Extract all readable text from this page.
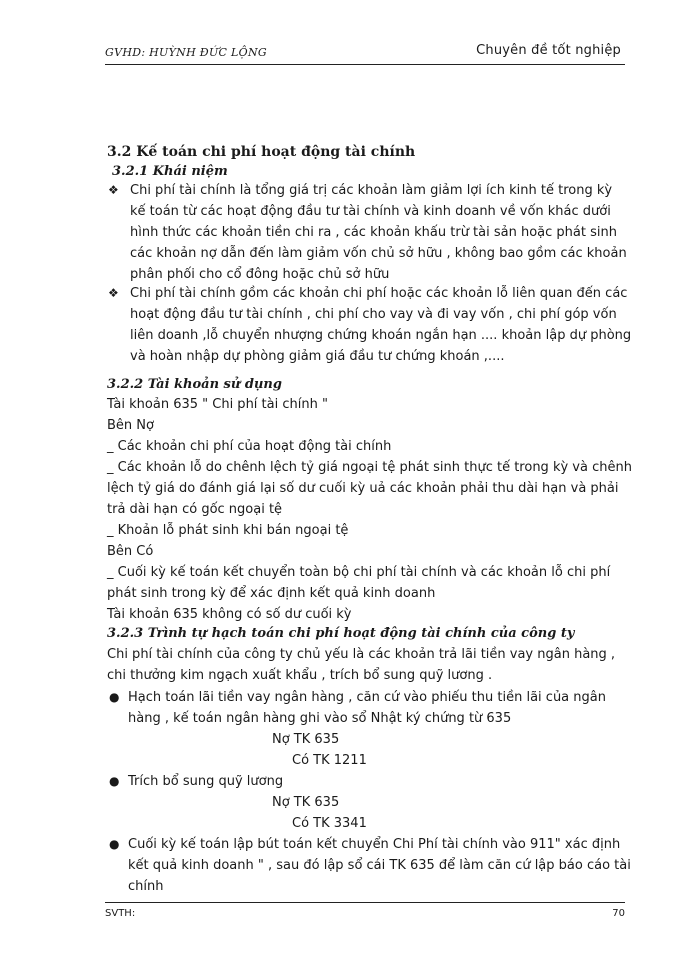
GVHD: HUỲNH ĐỨC LỘNG	Chuyên đề tốt nghiệp
3.2 Kế toán chi phí hoạt động tài chính
3.2.1 Khái niệm
❖ Chi phí tài chính là tổng giá trị các khoản làm giảm lợi ích kinh tế trong kỳ
kế toán từ các hoạt động đầu tư tài chính và kinh doanh về vốn khác dưới
hình thức các khoản tiền chi ra , các khoản khấu trừ tài sản hoặc phát sinh
các khoản nợ dẫn đến làm giảm vốn chủ sở hữu , không bao gồm các khoản
phân phối cho cổ đông hoặc chủ sở hữu
❖ Chi phí tài chính gồm các khoản chi phí hoặc các khoản lỗ liên quan đến các
hoạt động đầu tư tài chính , chi phí cho vay và đi vay vốn , chi phí góp vốn
liên doanh ,lỗ chuyển nhượng chứng khoán ngắn hạn .... khoản lập dự phòng
và hoàn nhập dự phòng giảm giá đầu tư chứng khoán ,....
3.2.2 Tài khoản sử dụng
Tài khoản 635 " Chi phí tài chính "
Bên Nợ
_ Các khoản chi phí của hoạt động tài chính
_ Các khoản lỗ do chênh lệch tỷ giá ngoại tệ phát sinh thực tế trong kỳ và chênh
lệch tỷ giá do đánh giá lại số dư cuối kỳ uả các khoản phải thu dài hạn và phải
trả dài hạn có gốc ngoại tệ
_ Khoản lỗ phát sinh khi bán ngoại tệ
Bên Có
_ Cuối kỳ kế toán kết chuyển toàn bộ chi phí tài chính và các khoản lỗ chi phí
phát sinh trong kỳ để xác định kết quả kinh doanh
Tài khoản 635 không có số dư cuối kỳ
3.2.3 Trình tự hạch toán chi phí hoạt động tài chính của công ty
Chi phí tài chính của công ty chủ yếu là các khoản trả lãi tiền vay ngân hàng ,
chi thưởng kim ngạch xuất khẩu , trích bổ sung quỹ lương .
● Hạch toán lãi tiền vay ngân hàng , căn cứ vào phiếu thu tiền lãi của ngân
hàng , kế toán ngân hàng ghi vào sổ Nhật ký chứng từ 635
Nợ TK 635
Có TK 1211
● Trích bổ sung quỹ lương
Nợ TK 635
Có TK 3341
● Cuối kỳ kế toán lập bút toán kết chuyển Chi Phí tài chính vào 911" xác định
kết quả kinh doanh " , sau đó lập sổ cái TK 635 để làm căn cứ lập báo cáo tài
chính
SVTH:	70
